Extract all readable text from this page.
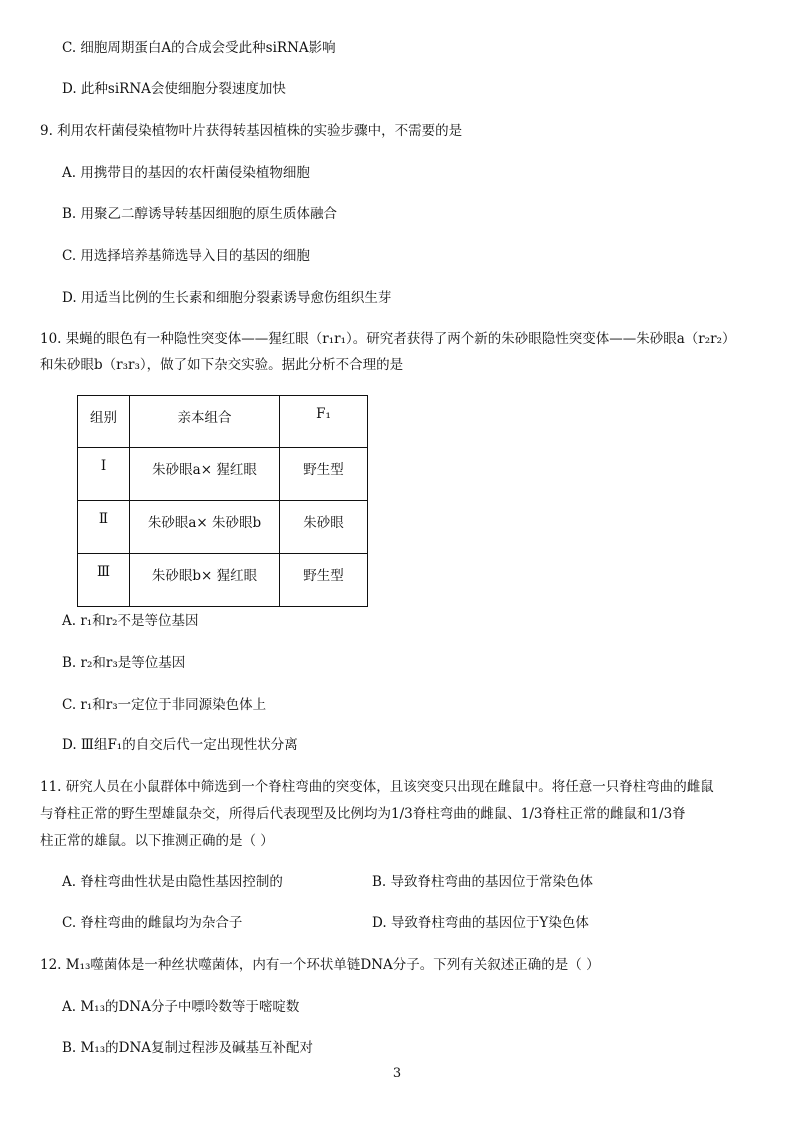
C. 细胞周期蛋白A的合成会受此种siRNA影响
D. 此种siRNA会使细胞分裂速度加快
9. 利用农杆菌侵染植物叶片获得转基因植株的实验步骤中，不需要的是
A. 用携带目的基因的农杆菌侵染植物细胞
B. 用聚乙二醇诱导转基因细胞的原生质体融合
C. 用选择培养基筛选导入目的基因的细胞
D. 用适当比例的生长素和细胞分裂素诱导愈伤组织生芽
10. 果蝇的眼色有一种隐性突变体——猩红眼（r₁r₁）。研究者获得了两个新的朱砂眼隐性突变体——朱砂眼a（r₂r₂）
和朱砂眼b（r₃r₃），做了如下杂交实验。据此分析不合理的是
组别	亲本组合	F₁
Ⅰ	朱砂眼a× 猩红眼	野生型
Ⅱ	朱砂眼a× 朱砂眼b	朱砂眼
Ⅲ	朱砂眼b× 猩红眼	野生型
A. r₁和r₂不是等位基因
B. r₂和r₃是等位基因
C. r₁和r₃一定位于非同源染色体上
D. Ⅲ组F₁的自交后代一定出现性状分离
11. 研究人员在小鼠群体中筛选到一个脊柱弯曲的突变体，且该突变只出现在雌鼠中。将任意一只脊柱弯曲的雌鼠
与脊柱正常的野生型雄鼠杂交，所得后代表现型及比例均为1/3脊柱弯曲的雌鼠、1/3脊柱正常的雌鼠和1/3脊
柱正常的雄鼠。以下推测正确的是（ ）
A. 脊柱弯曲性状是由隐性基因控制的	B. 导致脊柱弯曲的基因位于常染色体
C. 脊柱弯曲的雌鼠均为杂合子	D. 导致脊柱弯曲的基因位于Y染色体
12. M₁₃噬菌体是一种丝状噬菌体，内有一个环状单链DNA分子。下列有关叙述正确的是（ ）
A. M₁₃的DNA分子中嘌呤数等于嘧啶数
B. M₁₃的DNA复制过程涉及碱基互补配对
3
